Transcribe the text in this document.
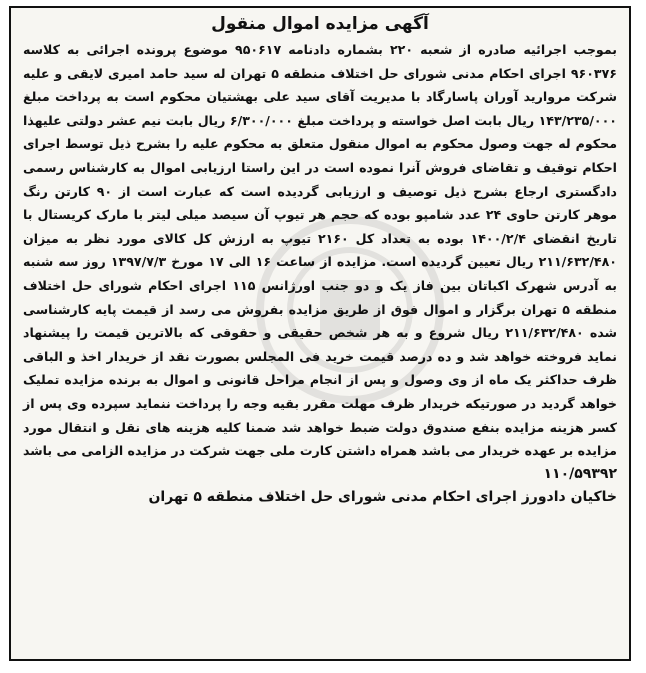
آگهی مزایده اموال منقول

بموجب اجرائیه صادره از شعبه ۲۲۰ بشماره دادنامه ۹۵۰۶۱۷ موضوع پرونده اجرائی به کلاسه ۹۶۰۳۷۶ اجرای احکام مدنی شورای حل اختلاف منطقه ۵ تهران له سید حامد امیری لایقی و علیه شرکت مروارید آوران پاسارگاد با مدیریت آقای سید علی بهشتیان محکوم است به پرداخت مبلغ ۱۴۳/۲۳۵/۰۰۰ ریال بابت اصل خواسته و پرداخت مبلغ ۶/۳۰۰/۰۰۰ ریال بابت نیم عشر دولتی علیهذا محکوم له جهت وصول محکوم به اموال منقول متعلق به محکوم علیه را بشرح ذیل توسط اجرای احکام توقیف و تقاضای فروش آنرا نموده است در این راستا ارزیابی اموال به کارشناس رسمی دادگستری ارجاع بشرح ذیل توصیف و ارزیابی گردیده است که عبارت است از ۹۰ کارتن رنگ موهر کارتن حاوی ۲۴ عدد شامپو بوده که حجم هر تیوپ آن سیصد میلی لیتر با مارک کریستال با تاریخ انقضای ۱۴۰۰/۲/۴ بوده به تعداد کل ۲۱۶۰ تیوپ به ارزش کل کالای مورد نظر به میزان ۲۱۱/۶۳۲/۴۸۰ ریال تعیین گردیده است. مزایده از ساعت ۱۶ الی ۱۷ مورخ ۱۳۹۷/۷/۳ روز سه شنبه به آدرس شهرک اکباتان بین فاز یک و دو جنب اورژانس ۱۱۵ اجرای احکام شورای حل اختلاف منطقه ۵ تهران برگزار و اموال فوق از طریق مزایده بفروش می رسد از قیمت پایه کارشناسی شده ۲۱۱/۶۳۲/۴۸۰ ریال شروع و به هر شخص حقیقی و حقوقی که بالاترین قیمت را پیشنهاد نماید فروخته خواهد شد و ده درصد قیمت خرید فی المجلس بصورت نقد از خریدار اخذ و الباقی ظرف حداکثر یک ماه از وی وصول و پس از انجام مراحل قانونی و اموال به برنده مزایده تملیک خواهد گردید در صورتیکه خریدار ظرف مهلت مقرر بقیه وجه را پرداخت ننماید سپرده وی پس از کسر هزینه مزایده بنفع صندوق دولت ضبط خواهد شد ضمنا کلیه هزینه های نقل و انتقال مورد مزایده بر عهده خریدار می باشد همراه داشتن کارت ملی جهت شرکت در مزایده الزامی می باشد

۱۱۰/۵۹۳۹۲

خاکیان دادورز اجرای احکام مدنی شورای حل اختلاف منطقه ۵ تهران
